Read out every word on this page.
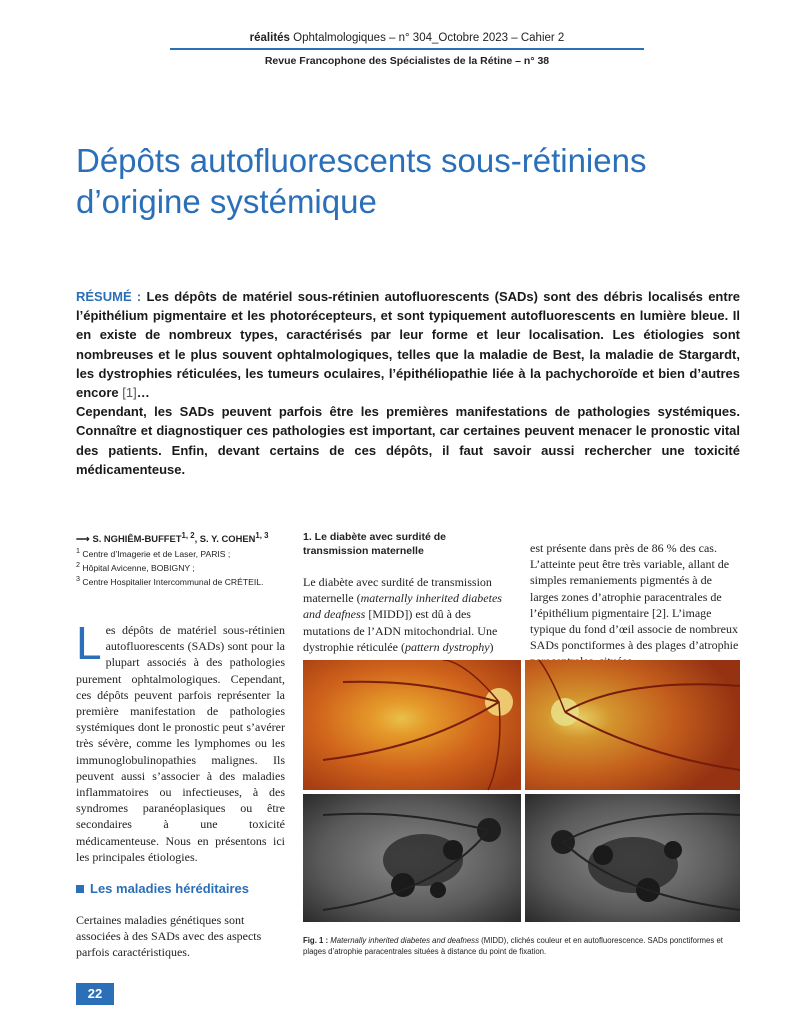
réalités Ophtalmologiques – n° 304_Octobre 2023 – Cahier 2
Revue Francophone des Spécialistes de la Rétine – n° 38
Dépôts autofluorescents sous-rétiniens
d’origine systémique

RÉSUMÉ : Les dépôts de matériel sous-rétinien autofluorescents (SADs) sont des débris localisés entre l’épithélium pigmentaire et les photorécepteurs, et sont typiquement autofluorescents en lumière bleue. Il en existe de nombreux types, caractérisés par leur forme et leur localisation. Les étiologies sont nombreuses et le plus souvent ophtalmologiques, telles que la maladie de Best, la maladie de Stargardt, les dystrophies réticulées, les tumeurs oculaires, l’épithéliopathie liée à la pachychoroïde et bien d’autres encore [1]…

Cependant, les SADs peuvent parfois être les premières manifestations de pathologies systémiques. Connaître et diagnostiquer ces pathologies est important, car certaines peuvent menacer le pronostic vital des patients. Enfin, devant certains de ces dépôts, il faut savoir aussi rechercher une toxicité médicamenteuse.

⟶ S. NGHIÊM-BUFFET$^{1, 2}$, S. Y. COHEN$^{1, 3}$
$^1$ Centre d’Imagerie et de Laser, PARIS ;
$^2$ Hôpital Avicenne, BOBIGNY ;
$^3$ Centre Hospitalier Intercommunal de CRÉTEIL.
Les dépôts de matériel sous-rétinien autofluorescents (SADs) sont pour la plupart associés à des pathologies purement ophtalmologiques. Cependant, ces dépôts peuvent parfois représenter la première manifestation de pathologies systémiques dont le pronostic peut s’avérer très sévère, comme les lymphomes ou les immunoglobulinopathies malignes. Ils peuvent aussi s’associer à des maladies inflammatoires ou infectieuses, à des syndromes paranéoplasiques ou être secondaires à une toxicité médicamenteuse. Nous en présentons ici les principales étiologies.
Les maladies héréditaires
Certaines maladies génétiques sont associées à des SADs avec des aspects parfois caractéristiques.
1. Le diabète avec surdité de transmission maternelle
Le diabète avec surdité de transmission maternelle (maternally inherited diabetes and deafness [MIDD]) est dû à des mutations de l’ADN mitochondrial. Une dystrophie réticulée (pattern dystrophy)
est présente dans près de 86 % des cas. L’atteinte peut être très variable, allant de simples remaniements pigmentés à de larges zones d’atrophie paracentrales de l’épithélium pigmentaire [2]. L’image typique du fond d’œil associe de nombreux SADs ponctiformes à des plages d’atrophie
Fig. 1 : Maternally inherited diabetes and deafness (MIDD), clichés couleur et en autofluorescence. SADs ponctiformes et plages d’atrophie paracentrales situées à distance du point de fixation.
22
